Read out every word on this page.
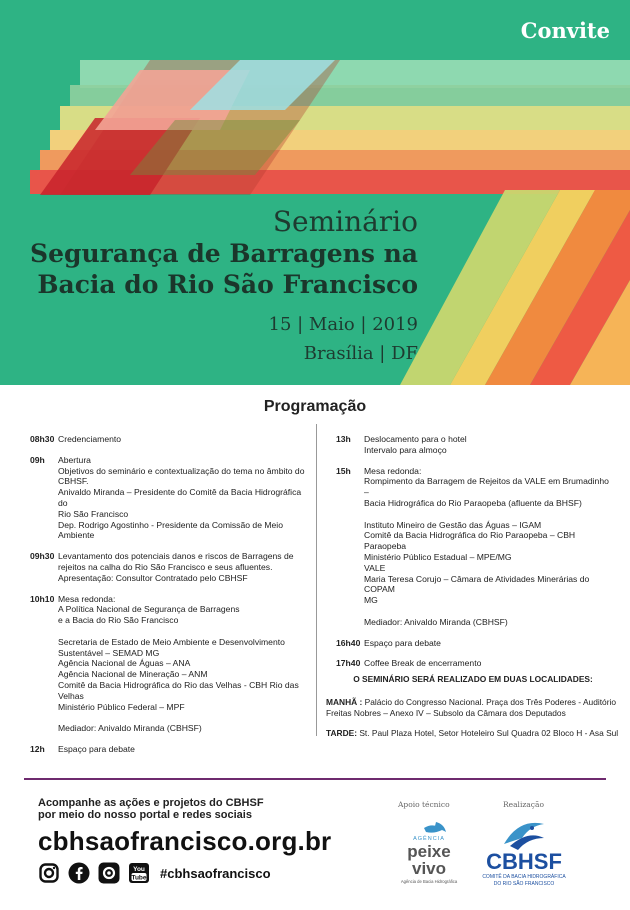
Convite
Seminário
Segurança de Barragens na
Bacia do Rio São Francisco
15 | Maio | 2019
Brasília | DF
Programação
08h30 Credenciamento
09h	Abertura
Objetivos do seminário e contextualização do tema no âmbito do
CBHSF.
Anivaldo Miranda – Presidente do Comitê da Bacia Hidrográfica do
Rio São Francisco
Dep. Rodrigo Agostinho - Presidente da Comissão de Meio
Ambiente
09h30 Levantamento dos potenciais danos e riscos de Barragens de
rejeitos na calha do Rio São Francisco e seus afluentes.
Apresentação: Consultor Contratado pelo CBHSF
10h10 Mesa redonda:
A Política Nacional de Segurança de Barragens
e a Bacia do Rio São Francisco
Secretaria de Estado de Meio Ambiente e Desenvolvimento
Sustentável – SEMAD MG
Agência Nacional de Águas – ANA
Agência Nacional de Mineração – ANM
Comitê da Bacia Hidrográfica do Rio das Velhas - CBH Rio das
Velhas
Ministério Público Federal – MPF
Mediador: Anivaldo Miranda (CBHSF)
12h	Espaço para debate
13h	Deslocamento para o hotel
Intervalo para almoço
15h	Mesa redonda:
Rompimento da Barragem de Rejeitos da VALE em Brumadinho –
Bacia Hidrográfica do Rio Paraopeba (afluente da BHSF)
Instituto Mineiro de Gestão das Águas – IGAM
Comitê da Bacia Hidrográfica do Rio Paraopeba – CBH Paraopeba
Ministério Público Estadual – MPE/MG
VALE
Maria Teresa Corujo – Câmara de Atividades Minerárias do COPAM
MG
Mediador: Anivaldo Miranda (CBHSF)
16h40 Espaço para debate
17h40 Coffee Break de encerramento
O SEMINÁRIO SERÁ REALIZADO EM DUAS LOCALIDADES:
MANHÃ : Palácio do Congresso Nacional. Praça dos Três Poderes - Auditório Freitas Nobres – Anexo IV – Subsolo da Câmara dos Deputados
TARDE: St. Paul Plaza Hotel, Setor Hoteleiro Sul Quadra 02 Bloco H - Asa Sul
Acompanhe as ações e projetos do CBHSF
por meio do nosso portal e redes sociais
cbhsaofrancisco.org.br
You
Tube #cbhsaofrancisco
Apoio técnico	Realização
AGÊNCIA
peixe
vivo
Agência de Bacia Hidrográfica
CBHSF
COMITÊ DA BACIA HIDROGRÁFICA
DO RIO SÃO FRANCISCO
